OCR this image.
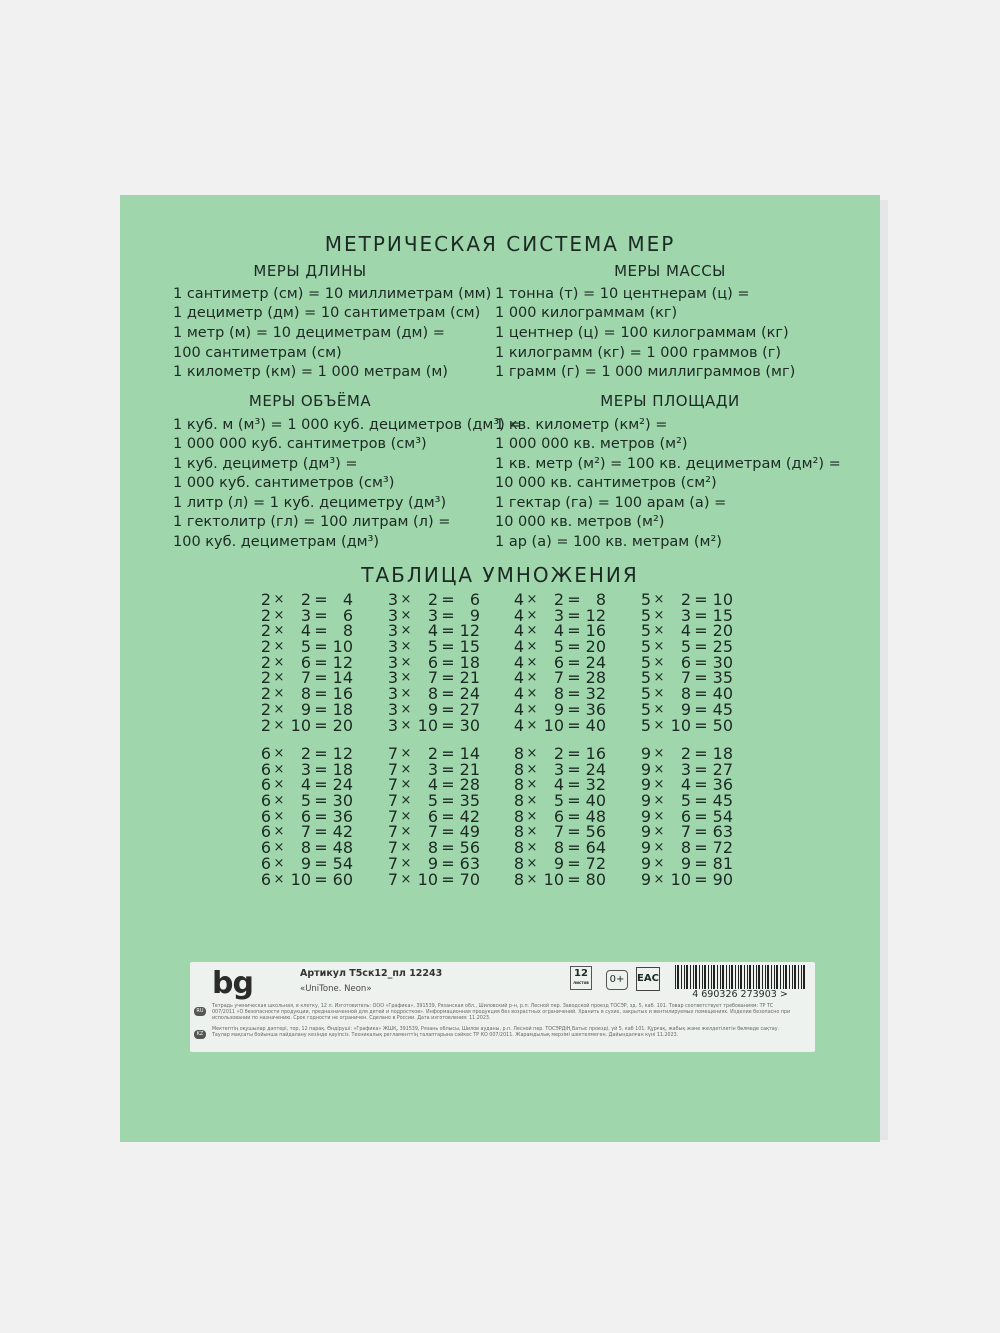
МЕТРИЧЕСКАЯ СИСТЕМА МЕР
МЕРЫ ДЛИНЫ	МЕРЫ МАССЫ
1 сантиметр (см) = 10 миллиметрам (мм)
1 дециметр (дм) = 10 сантиметрам (см)
1 метр (м) = 10 дециметрам (дм) =
100 сантиметрам (см)
1 километр (км) = 1 000 метрам (м)
1 тонна (т) = 10 центнерам (ц) =
1 000 килограммам (кг)
1 центнер (ц) = 100 килограммам (кг)
1 килограмм (кг) = 1 000 граммов (г)
1 грамм (г) = 1 000 миллиграммов (мг)
МЕРЫ ОБЪЁМА	МЕРЫ ПЛОЩАДИ
1 куб. м (м³) = 1 000 куб. дециметров (дм³) =
1 000 000 куб. сантиметров (см³)
1 куб. дециметр (дм³) =
1 000 куб. сантиметров (см³)
1 литр (л) = 1 куб. дециметру (дм³)
1 гектолитр (гл) = 100 литрам (л) =
100 куб. дециметрам (дм³)
1 кв. километр (км²) =
1 000 000 кв. метров (м²)
1 кв. метр (м²) = 100 кв. дециметрам (дм²) =
10 000 кв. сантиметров (см²)
1 гектар (га) = 100 арам (а) =
10 000 кв. метров (м²)
1 ар (а) = 100 кв. метрам (м²)
ТАБЛИЦА УМНОЖЕНИЯ
2 ×	2 = 4
2 ×	3 = 6
2 ×	4 = 8
2 ×	5 = 10
2 ×	6 = 12
2 ×	7 = 14
2 ×	8 = 16
2 ×	9 = 18
2 × 10 = 20
3 ×	2 = 6
3 ×	3 = 9
3 ×	4 = 12
3 ×	5 = 15
3 ×	6 = 18
3 ×	7 = 21
3 ×	8 = 24
3 ×	9 = 27
3 × 10 = 30
4 ×	2 = 8
4 ×	3 = 12
4 ×	4 = 16
4 ×	5 = 20
4 ×	6 = 24
4 ×	7 = 28
4 ×	8 = 32
4 ×	9 = 36
4 × 10 = 40
5 ×	2 = 10
5 ×	3 = 15
5 ×	4 = 20
5 ×	5 = 25
5 ×	6 = 30
5 ×	7 = 35
5 ×	8 = 40
5 ×	9 = 45
5 × 10 = 50
6 ×	2 = 12
6 ×	3 = 18
6 ×	4 = 24
6 ×	5 = 30
6 ×	6 = 36
6 ×	7 = 42
6 ×	8 = 48
6 ×	9 = 54
6 × 10 = 60
7 ×	2 = 14
7 ×	3 = 21
7 ×	4 = 28
7 ×	5 = 35
7 ×	6 = 42
7 ×	7 = 49
7 ×	8 = 56
7 ×	9 = 63
7 × 10 = 70
8 ×	2 = 16
8 ×	3 = 24
8 ×	4 = 32
8 ×	5 = 40
8 ×	6 = 48
8 ×	7 = 56
8 ×	8 = 64
8 ×	9 = 72
8 × 10 = 80
9 ×	2 = 18
9 ×	3 = 27
9 ×	4 = 36
9 ×	5 = 45
9 ×	6 = 54
9 ×	7 = 63
9 ×	8 = 72
9 ×	9 = 81
9 × 10 = 90
bg	Артикул Т5ск12_пл 12243
«UniTone. Neon»
12
листов	0+	EAC
4 690326 273903 >
RU
Тетрадь ученическая школьная, в клетку, 12 л. Изготовитель: ООО «Графика», 391539, Рязанская обл., Шиловский р-н, р.п. Лесной пер. Заводской проезд ТОСЭР, зд. 5, каб. 101. Товар соответствует требованиям: ТР ТС 007/2011 «О безопасности продукции, предназначенной для детей и подростков». Информационная продукция без возрастных ограничений. Хранить в сухих, закрытых и вентилируемых помещениях. Изделие безопасно при использовании по назначению. Срок годности не ограничен. Сделано в России. Дата изготовления: 11.2023.
KZ
Мектептің оқушылар дәптері, тор, 12 парақ. Өндіруші: «Графика» ЖШҚ, 391539, Рязань облысы, Шилов ауданы, р.п. Лесной пер. ТОСЭРДІҢ Батыс проезді, үй 5, каб 101. Құрғақ, жабық және желдетілетін бөлмеде сақтау. Таулар мақсаты бойынша пайдалану кезінде қауіпсіз. Техникалық регламенттің талаптарына сәйкес ТР КО 007/2011. Жарамдылық мерзімі шектелмеген. Дайындалған күні 11.2023.
